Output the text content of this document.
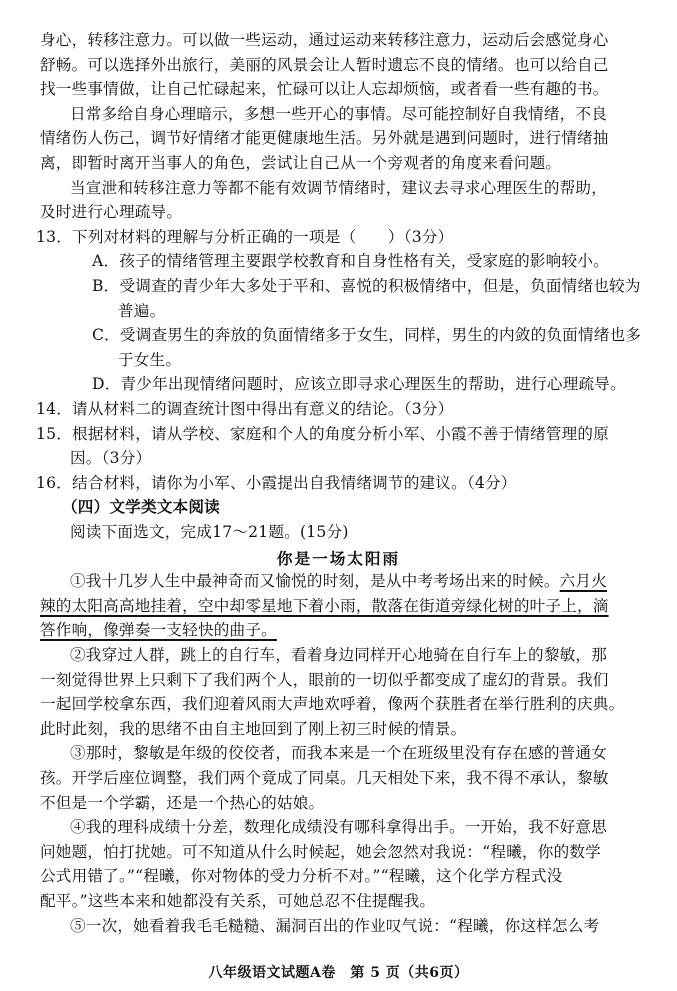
身心，转移注意力。可以做一些运动，通过运动来转移注意力，运动后会感觉身心
舒畅。可以选择外出旅行，美丽的风景会让人暂时遗忘不良的情绪。也可以给自己
找一些事情做，让自己忙碌起来，忙碌可以让人忘却烦恼，或者看一些有趣的书。
日常多给自身心理暗示，多想一些开心的事情。尽可能控制好自我情绪，不良
情绪伤人伤己，调节好情绪才能更健康地生活。另外就是遇到问题时，进行情绪抽
离，即暂时离开当事人的角色，尝试让自己从一个旁观者的角度来看问题。
当宣泄和转移注意力等都不能有效调节情绪时，建议去寻求心理医生的帮助，
及时进行心理疏导。
13．下列对材料的理解与分析正确的一项是（　　）（3分）
A．孩子的情绪管理主要跟学校教育和自身性格有关，受家庭的影响较小。
B．受调查的青少年大多处于平和、喜悦的积极情绪中，但是，负面情绪也较为
普遍。
C．受调查男生的奔放的负面情绪多于女生，同样，男生的内敛的负面情绪也多
于女生。
D．青少年出现情绪问题时，应该立即寻求心理医生的帮助，进行心理疏导。
14．请从材料二的调查统计图中得出有意义的结论。（3分）
15．根据材料，请从学校、家庭和个人的角度分析小军、小霞不善于情绪管理的原
因。（3分）
16．结合材料，请你为小军、小霞提出自我情绪调节的建议。（4分）
（四）文学类文本阅读
阅读下面选文，完成17～21题。(15分)
你是一场太阳雨
①我十几岁人生中最神奇而又愉悦的时刻，是从中考考场出来的时候。六月火
辣的太阳高高地挂着，空中却零星地下着小雨，散落在街道旁绿化树的叶子上，滴
答作响，像弹奏一支轻快的曲子。
②我穿过人群，跳上的自行车，看着身边同样开心地骑在自行车上的黎敏，那
一刻觉得世界上只剩下了我们两个人，眼前的一切似乎都变成了虚幻的背景。我们
一起回学校拿东西，我们迎着风雨大声地欢呼着，像两个获胜者在举行胜利的庆典。
此时此刻，我的思绪不由自主地回到了刚上初三时候的情景。
③那时，黎敏是年级的佼佼者，而我本来是一个在班级里没有存在感的普通女
孩。开学后座位调整，我们两个竟成了同桌。几天相处下来，我不得不承认，黎敏
不但是一个学霸，还是一个热心的姑娘。
④我的理科成绩十分差，数理化成绩没有哪科拿得出手。一开始，我不好意思
问她题，怕打扰她。可不知道从什么时候起，她会忽然对我说：“程曦，你的数学
公式用错了。”“程曦，你对物体的受力分析不对。”“程曦，这个化学方程式没
配平。”这些本来和她都没有关系，可她总忍不住提醒我。
⑤一次，她看着我毛毛糙糙、漏洞百出的作业叹气说：“程曦，你这样怎么考
八年级语文试题A卷　第 5 页（共6页）
